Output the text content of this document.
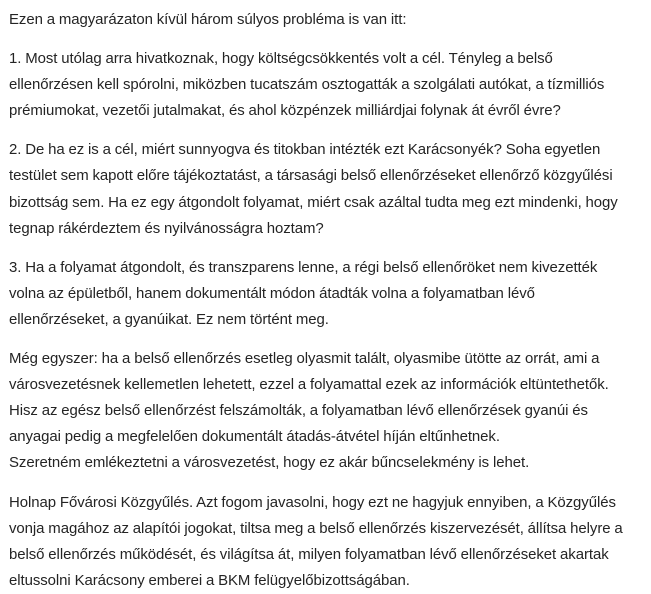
Ezen a magyarázaton kívül három súlyos probléma is van itt:

1. Most utólag arra hivatkoznak, hogy költségcsökkentés volt a cél. Tényleg a belső ellenőrzésen kell spórolni, miközben tucatszám osztogatták a szolgálati autókat, a tízmilliós prémiumokat, vezetői jutalmakat, és ahol közpénzek milliárdjai folynak át évről évre?

2. De ha ez is a cél, miért sunnyogva és titokban intézték ezt Karácsonyék? Soha egyetlen testület sem kapott előre tájékoztatást, a társasági belső ellenőrzéseket ellenőrző közgyűlési bizottság sem. Ha ez egy átgondolt folyamat, miért csak azáltal tudta meg ezt mindenki, hogy tegnap rákérdeztem és nyilvánosságra hoztam?

3. Ha a folyamat átgondolt, és transzparens lenne, a régi belső ellenőröket nem kivezették volna az épületből, hanem dokumentált módon átadták volna a folyamatban lévő ellenőrzéseket, a gyanúikat. Ez nem történt meg.

Még egyszer: ha a belső ellenőrzés esetleg olyasmit talált, olyasmibe ütötte az orrát, ami a városvezetésnek kellemetlen lehetett, ezzel a folyamattal ezek az információk eltüntethetők. Hisz az egész belső ellenőrzést felszámolták, a folyamatban lévő ellenőrzések gyanúi és anyagai pedig a megfelelően dokumentált átadás-átvétel híján eltűnhetnek.

Szeretném emlékeztetni a városvezetést, hogy ez akár bűncselekmény is lehet.

Holnap Fővárosi Közgyűlés. Azt fogom javasolni, hogy ezt ne hagyjuk ennyiben, a Közgyűlés vonja magához az alapítói jogokat, tiltsa meg a belső ellenőrzés kiszervezését, állítsa helyre a belső ellenőrzés működését, és világítsa át, milyen folyamatban lévő ellenőrzéseket akartak eltussolni Karácsony emberei a BKM felügyelőbizottságában.
